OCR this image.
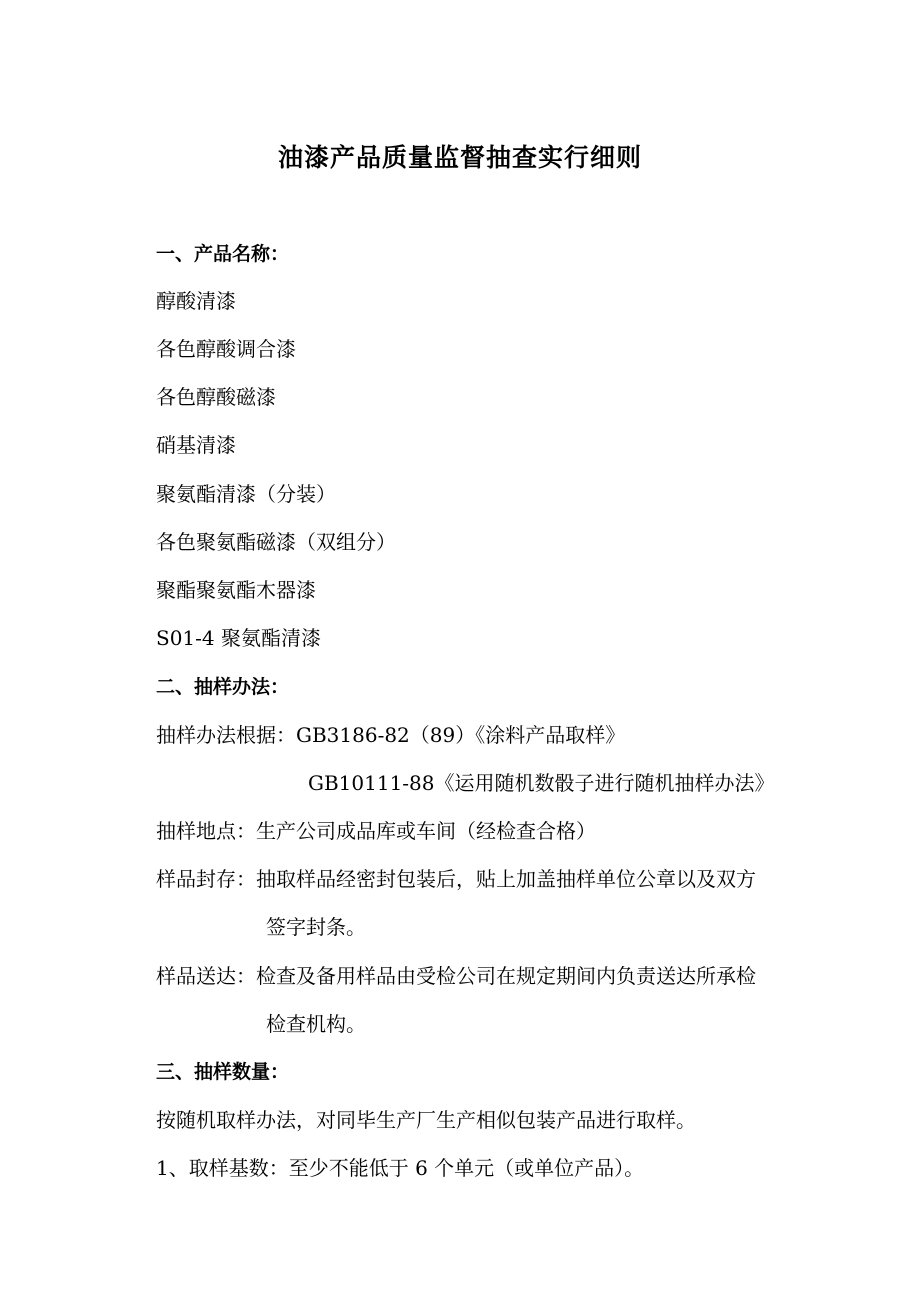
油漆产品质量监督抽查实行细则
一、产品名称：
醇酸清漆
各色醇酸调合漆
各色醇酸磁漆
硝基清漆
聚氨酯清漆（分装）
各色聚氨酯磁漆（双组分）
聚酯聚氨酯木器漆
S01-4 聚氨酯清漆
二、抽样办法：
抽样办法根据：GB3186-82（89）《涂料产品取样》
GB10111-88《运用随机数骰子进行随机抽样办法》
抽样地点：生产公司成品库或车间（经检查合格）
样品封存：抽取样品经密封包装后，贴上加盖抽样单位公章以及双方
签字封条。
样品送达：检查及备用样品由受检公司在规定期间内负责送达所承检
检查机构。
三、抽样数量：
按随机取样办法，对同毕生产厂生产相似包装产品进行取样。
1、取样基数：至少不能低于 6 个单元（或单位产品）。
